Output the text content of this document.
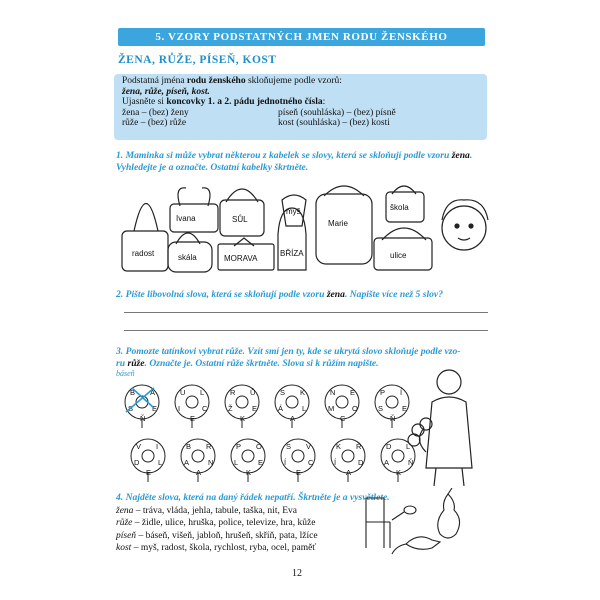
5. VZORY PODSTATNÝCH JMEN RODU ŽENSKÉHO
ŽENA, RŮŽE, PÍSEŇ, KOST
Podstatná jména rodu ženského skloňujeme podle vzorů:
žena, růže, píseň, kost.
Ujasněte si koncovky 1. a 2. pádu jednotného čísla:
žena – (bez) ženy	píseň (souhláska) – (bez) písně
růže – (bez) růže	kost (souhláska) – (bez) kosti
1. Maminka si může vybrat některou z kabelek se slovy, která se skloňují podle vzoru žena. Vyhledejte je a označte. Ostatní kabelky škrtněte.
radost
Ivana
skála
SŮL
MORAVA
myš
BŘÍZA
Marie
škola
ulice
2. Pište libovolná slova, která se skloňují podle vzoru žena. Napište více než 5 slov?
3. Pomozte tatínkovi vybrat růže. Vzít smí jen ty, kde se ukrytá slovo skloňuje podle vzo-
ru růže. Označte je. Ostatní růže škrtněte. Slova si k růžím napište.
báseň
B Á
S	E
Ň
U L
I	C
E
R Ů
Ž	E
K
S K
Á	L
A
N E
M O
C
P Í
S	E
Ň
V I
D L
E
B R
A	N
A
P O
L	E
K
S V
Í	C
E
K Ř
Í	D
A
D L
A	Ň
K
4. Najděte slova, která na daný řádek nepatří. Škrtněte je a vysvětlete.
žena – tráva, vláda, jehla, tabule, taška, nit, Eva
růže – židle, ulice, hruška, police, televize, hra, kůže
píseň – báseň, višeň, jabloň, hrušeň, skříň, pata, lžíce
kost – myš, radost, škola, rychlost, ryba, ocel, paměť
12
